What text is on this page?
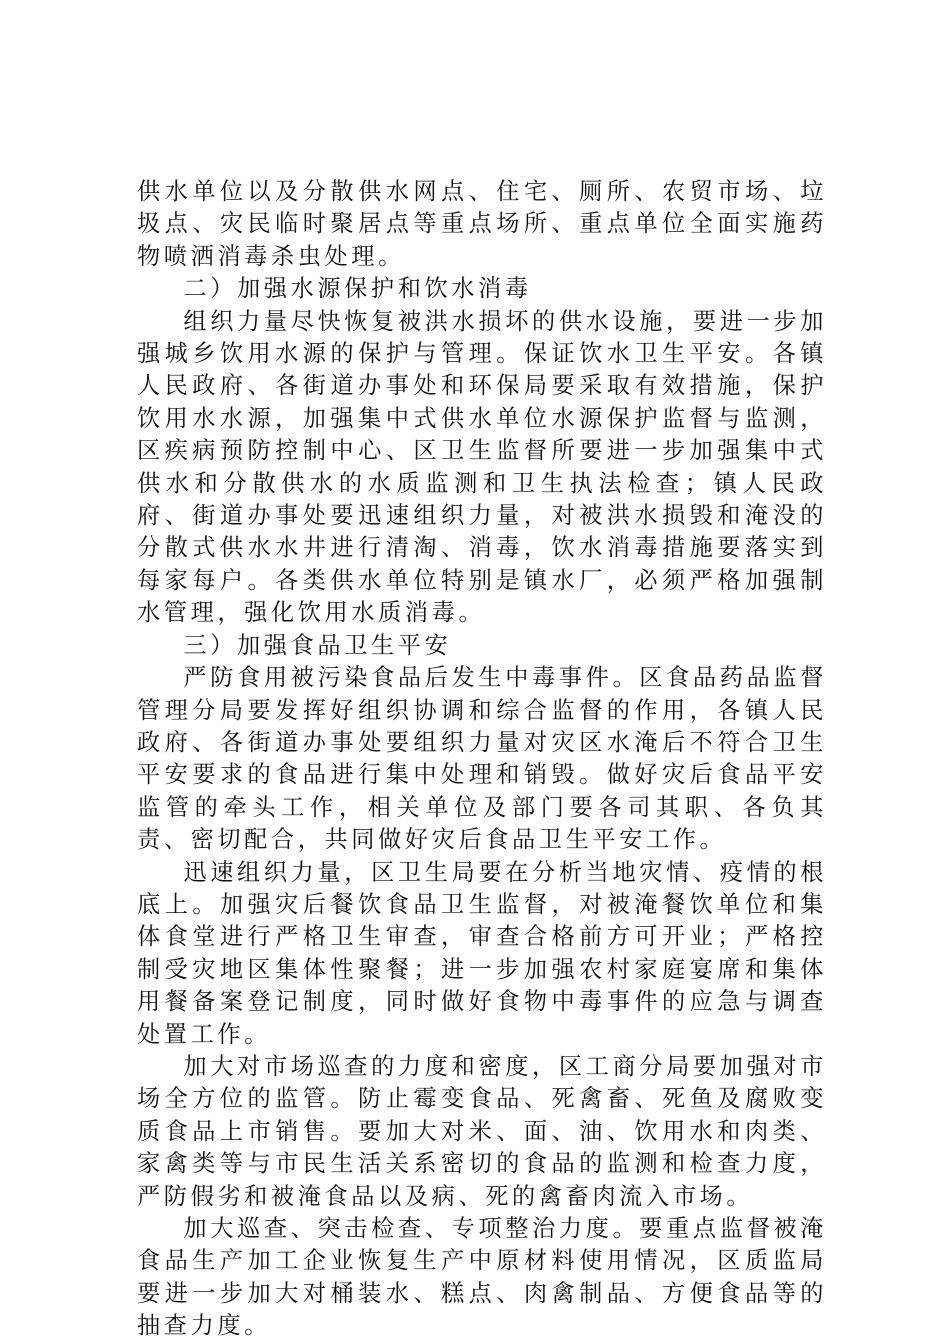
供水单位以及分散供水网点、住宅、厕所、农贸市场、垃圾点、灾民临时聚居点等重点场所、重点单位全面实施药物喷洒消毒杀虫处理。

二）加强水源保护和饮水消毒

组织力量尽快恢复被洪水损坏的供水设施，要进一步加强城乡饮用水源的保护与管理。保证饮水卫生平安。各镇人民政府、各街道办事处和环保局要采取有效措施，保护饮用水水源，加强集中式供水单位水源保护监督与监测，区疾病预防控制中心、区卫生监督所要进一步加强集中式供水和分散供水的水质监测和卫生执法检查；镇人民政府、街道办事处要迅速组织力量，对被洪水损毁和淹没的分散式供水水井进行清淘、消毒，饮水消毒措施要落实到每家每户。各类供水单位特别是镇水厂，必须严格加强制水管理，强化饮用水质消毒。

三）加强食品卫生平安

严防食用被污染食品后发生中毒事件。区食品药品监督管理分局要发挥好组织协调和综合监督的作用，各镇人民政府、各街道办事处要组织力量对灾区水淹后不符合卫生平安要求的食品进行集中处理和销毁。做好灾后食品平安监管的牵头工作，相关单位及部门要各司其职、各负其责、密切配合，共同做好灾后食品卫生平安工作。

迅速组织力量，区卫生局要在分析当地灾情、疫情的根底上。加强灾后餐饮食品卫生监督，对被淹餐饮单位和集体食堂进行严格卫生审查，审查合格前方可开业；严格控制受灾地区集体性聚餐；进一步加强农村家庭宴席和集体用餐备案登记制度，同时做好食物中毒事件的应急与调查处置工作。

加大对市场巡查的力度和密度，区工商分局要加强对市场全方位的监管。防止霉变食品、死禽畜、死鱼及腐败变质食品上市销售。要加大对米、面、油、饮用水和肉类、家禽类等与市民生活关系密切的食品的监测和检查力度，严防假劣和被淹食品以及病、死的禽畜肉流入市场。

加大巡查、突击检查、专项整治力度。要重点监督被淹食品生产加工企业恢复生产中原材料使用情况，区质监局要进一步加大对桶装水、糕点、肉禽制品、方便食品等的抽查力度。
